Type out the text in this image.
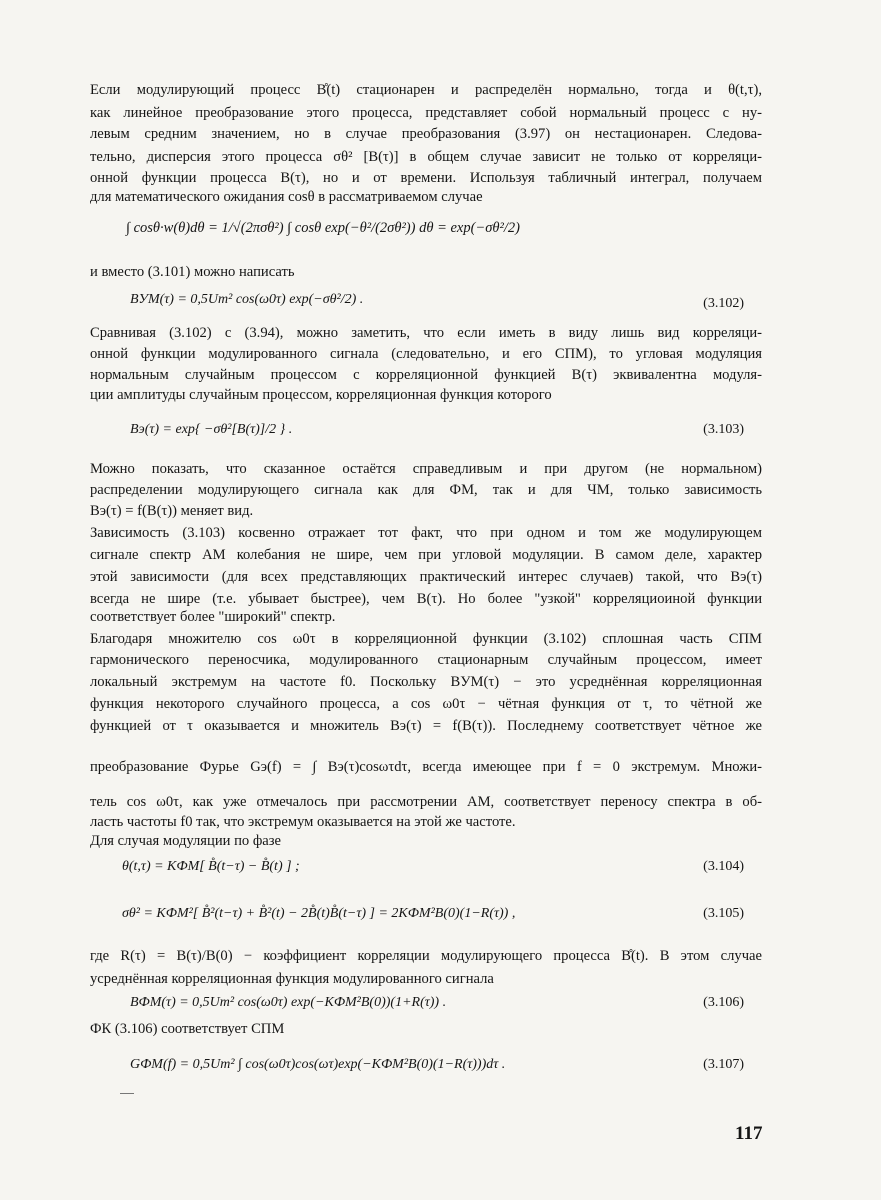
Если модулирующий процесс B̊(t) стационарен и распределён нормально, тогда и θ(t,τ),
как линейное преобразование этого процесса, представляет собой нормальный процесс с ну-
левым средним значением, но в случае преобразования (3.97) он нестационарен. Следова-
тельно, дисперсия этого процесса σθ² [B(τ)] в общем случае зависит не только от корреляци-
онной функции процесса B(τ), но и от времени. Используя табличный интеграл, получаем
для математического ожидания cosθ в рассматриваемом случае
∫ cosθ·w(θ)dθ = 1/√(2πσθ²) ∫ cosθ exp(−θ²/(2σθ²)) dθ = exp(−σθ²/2)
и вместо (3.101) можно написать
BУМ(τ) = 0,5Um² cos(ω0τ) exp(−σθ²/2) .	(3.102)
Сравнивая (3.102) с (3.94), можно заметить, что если иметь в виду лишь вид корреляци-
онной функции модулированного сигнала (следовательно, и его СПМ), то угловая модуляция
нормальным случайным процессом с корреляционной функцией B(τ) эквивалентна модуля-
ции амплитуды случайным процессом, корреляционная функция которого
Bэ(τ) = exp{ −σθ²[B(τ)]/2 } .	(3.103)
Можно показать, что сказанное остаётся справедливым и при другом (не нормальном)
распределении модулирующего сигнала как для ФМ, так и для ЧМ, только зависимость
Bэ(τ) = f(B(τ)) меняет вид.
Зависимость (3.103) косвенно отражает тот факт, что при одном и том же модулирующем
сигнале спектр АМ колебания не шире, чем при угловой модуляции. В самом деле, характер
этой зависимости (для всех представляющих практический интерес случаев) такой, что Bэ(τ)
всегда не шире (т.е. убывает быстрее), чем B(τ). Но более "узкой" корреляциоиной функции
соответствует более "широкий" спектр.
Благодаря множителю cos ω0τ в корреляционной функции (3.102) сплошная часть СПМ
гармонического переносчика, модулированного стационарным случайным процессом, имеет
локальный экстремум на частоте f0. Поскольку BУМ(τ) − это усреднённая корреляционная
функция некоторого случайного процесса, а cos ω0τ − чётная функция от τ, то чётной же
функцией от τ оказывается и множитель Bэ(τ) = f(B(τ)). Последнему соответствует чётное же
преобразование Фурье Gэ(f) = ∫ Bэ(τ)cosωτdτ, всегда имеющее при f = 0 экстремум. Множи-
тель cos ω0τ, как уже отмечалось при рассмотрении АМ, соответствует переносу спектра в об-
ласть частоты f0 так, что экстремум оказывается на этой же частоте.
Для случая модуляции по фазе
θ(t,τ) = KФМ[ B̊(t−τ) − B̊(t) ] ;	(3.104)
σθ² = KФМ²[ B̊²(t−τ) + B̊²(t) − 2B̊(t)B̊(t−τ) ] = 2KФМ²B(0)(1−R(τ)) ,	(3.105)
где R(τ) = B(τ)/B(0) − коэффициент корреляции модулирующего процесса B̊(t). В этом случае
усреднённая корреляционная функция модулированного сигнала
BФМ(τ) = 0,5Um² cos(ω0τ) exp(−KФМ²B(0))(1+R(τ)) .	(3.106)
ФК (3.106) соответствует СПМ
GФМ(f) = 0,5Um² ∫ cos(ω0τ)cos(ωτ)exp(−KФМ²B(0)(1−R(τ)))dτ .	(3.107)
117
